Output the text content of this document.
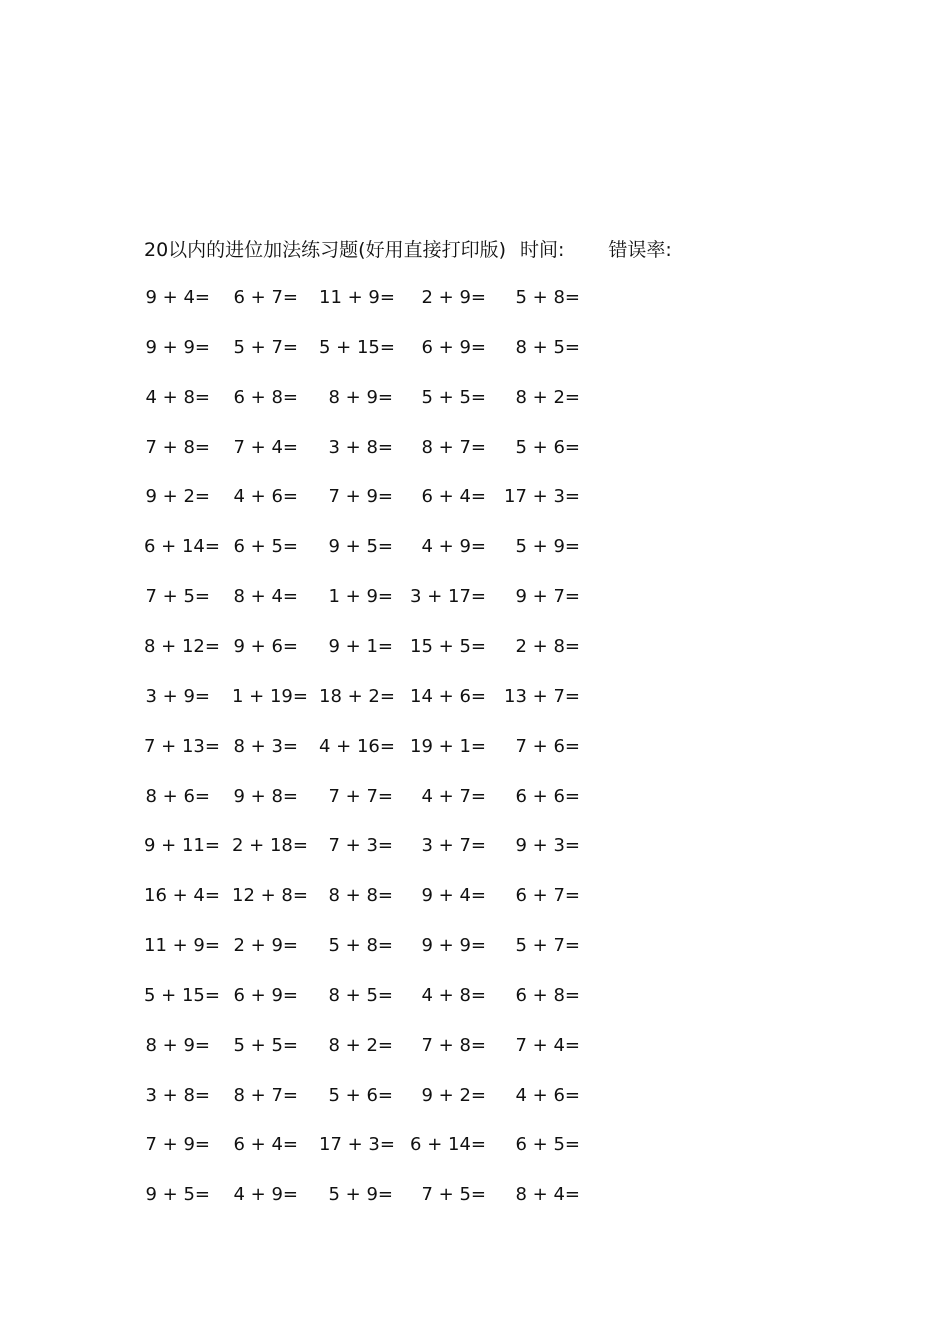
20以内的进位加法练习题(好用直接打印版) 时间: 错误率:
9 + 4= 6 + 7= 11 + 9=	2 + 9=	5 + 8=
9 + 9= 5 + 7= 5 + 15=	6 + 9=	8 + 5=
4 + 8= 6 + 8=	8 + 9=	5 + 5=	8 + 2=
7 + 8= 7 + 4=	3 + 8=	8 + 7=	5 + 6=
9 + 2= 4 + 6=	7 + 9=	6 + 4=	17 + 3=
6 + 14= 6 + 5=	9 + 5=	4 + 9=	5 + 9=
7 + 5= 8 + 4=	1 + 9= 3 + 17=	9 + 7=
8 + 12= 9 + 6=	9 + 1= 15 + 5=	2 + 8=
3 + 9= 1 + 19= 18 + 2= 14 + 6=	13 + 7=
7 + 13= 8 + 3= 4 + 16= 19 + 1=	7 + 6=
8 + 6= 9 + 8=	7 + 7=	4 + 7=	6 + 6=
9 + 11= 2 + 18=	7 + 3=	3 + 7=	9 + 3=
16 + 4= 12 + 8=	8 + 8=	9 + 4=	6 + 7=
11 + 9= 2 + 9=	5 + 8=	9 + 9=	5 + 7=
5 + 15= 6 + 9=	8 + 5=	4 + 8=	6 + 8=
8 + 9= 5 + 5=	8 + 2=	7 + 8=	7 + 4=
3 + 8= 8 + 7=	5 + 6=	9 + 2=	4 + 6=
7 + 9= 6 + 4= 17 + 3= 6 + 14=	6 + 5=
9 + 5= 4 + 9=	5 + 9=	7 + 5=	8 + 4=
